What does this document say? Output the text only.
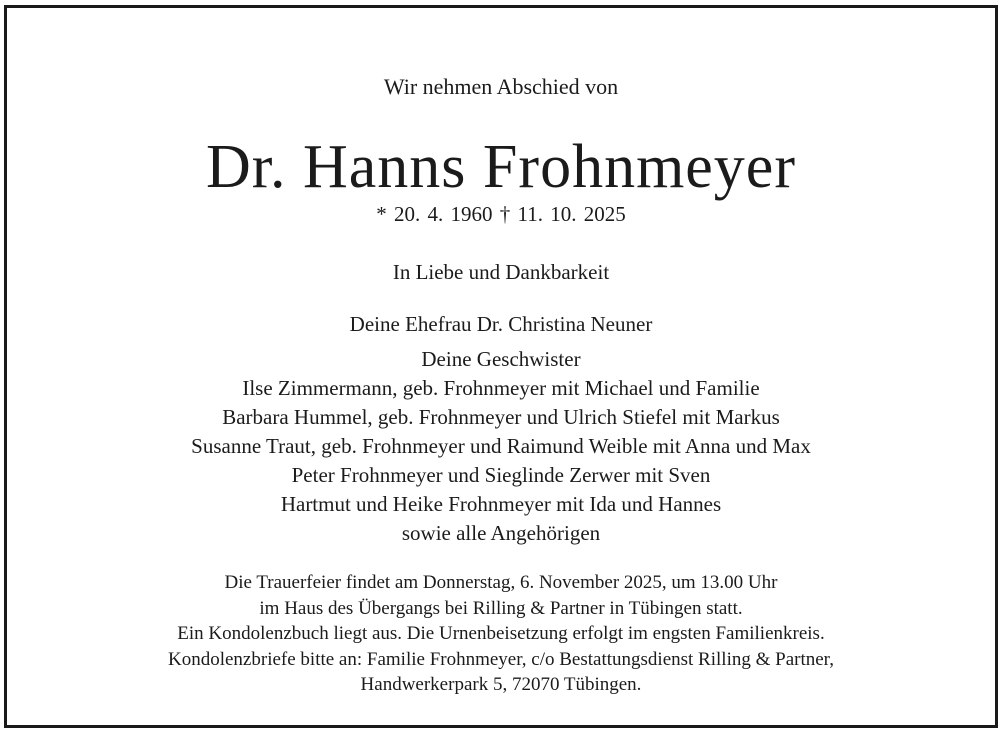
Wir nehmen Abschied von
Dr. Hanns Frohnmeyer
* 20. 4. 1960 † 11. 10. 2025
In Liebe und Dankbarkeit
Deine Ehefrau Dr. Christina Neuner
Deine Geschwister
Ilse Zimmermann, geb. Frohnmeyer mit Michael und Familie
Barbara Hummel, geb. Frohnmeyer und Ulrich Stiefel mit Markus
Susanne Traut, geb. Frohnmeyer und Raimund Weible mit Anna und Max
Peter Frohnmeyer und Sieglinde Zerwer mit Sven
Hartmut und Heike Frohnmeyer mit Ida und Hannes
sowie alle Angehörigen
Die Trauerfeier findet am Donnerstag, 6. November 2025, um 13.00 Uhr
im Haus des Übergangs bei Rilling & Partner in Tübingen statt.
Ein Kondolenzbuch liegt aus. Die Urnenbeisetzung erfolgt im engsten Familienkreis.
Kondolenzbriefe bitte an: Familie Frohnmeyer, c/o Bestattungsdienst Rilling & Partner,
Handwerkerpark 5, 72070 Tübingen.
